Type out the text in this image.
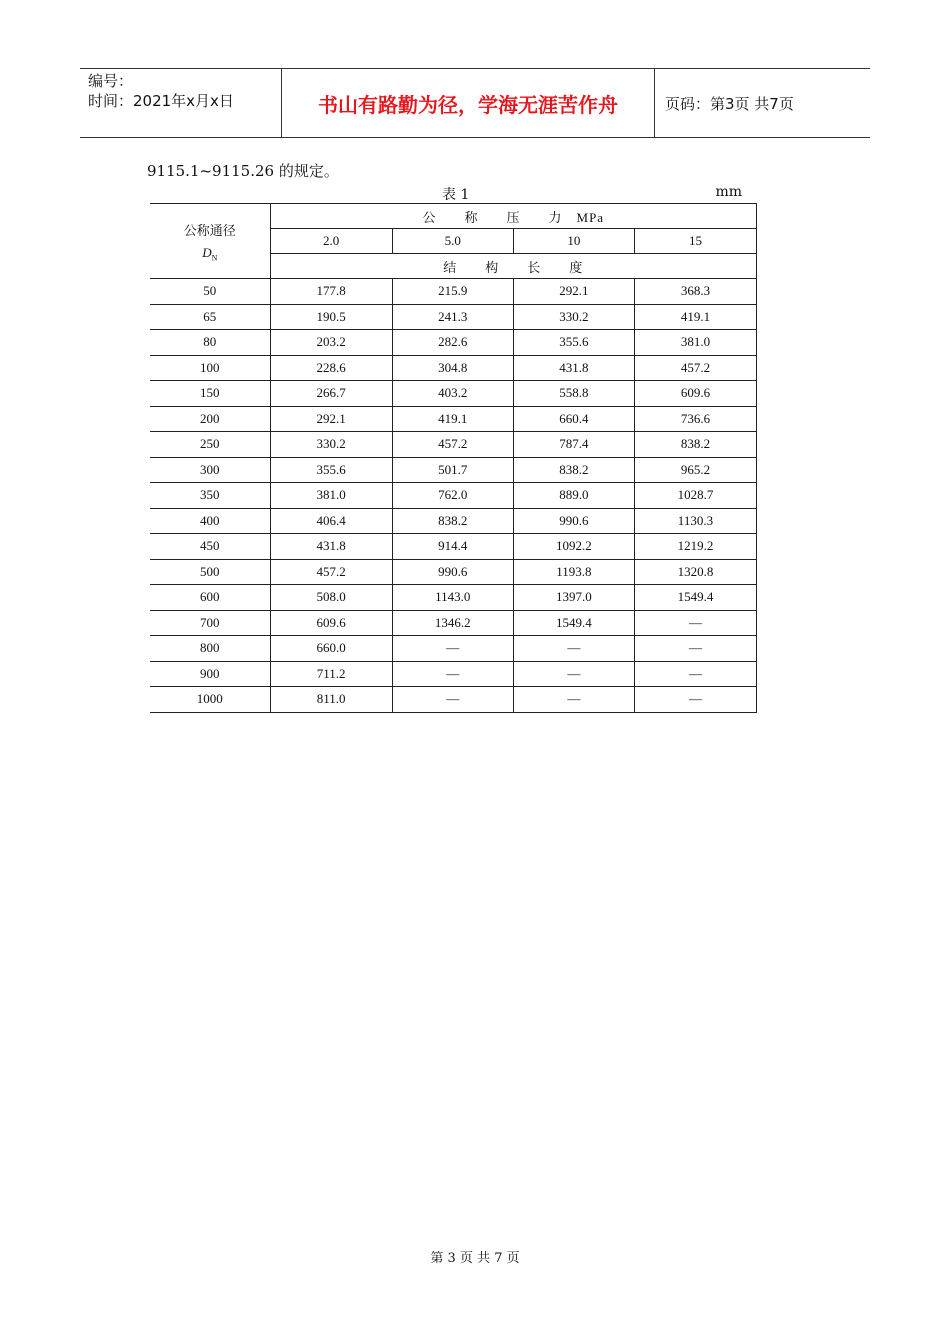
编号：
时间：2021年x月x日	书山有路勤为径，学海无涯苦作舟	页码：第3页 共7页
9115.1~9115.26 的规定。
表 1	mm
公称通径
$D_N$	公　　称　　压　　力　MPa			
	2.0	5.0	10	15
	结　　构　　长　　度			
50	177.8	215.9	292.1	368.3
65	190.5	241.3	330.2	419.1
80	203.2	282.6	355.6	381.0
100	228.6	304.8	431.8	457.2
150	266.7	403.2	558.8	609.6
200	292.1	419.1	660.4	736.6
250	330.2	457.2	787.4	838.2
300	355.6	501.7	838.2	965.2
350	381.0	762.0	889.0	1028.7
400	406.4	838.2	990.6	1130.3
450	431.8	914.4	1092.2	1219.2
500	457.2	990.6	1193.8	1320.8
600	508.0	1143.0	1397.0	1549.4
700	609.6	1346.2	1549.4	—
800	660.0	—	—	—
900	711.2	—	—	—
1000	811.0	—	—	—
第 3 页 共 7 页
